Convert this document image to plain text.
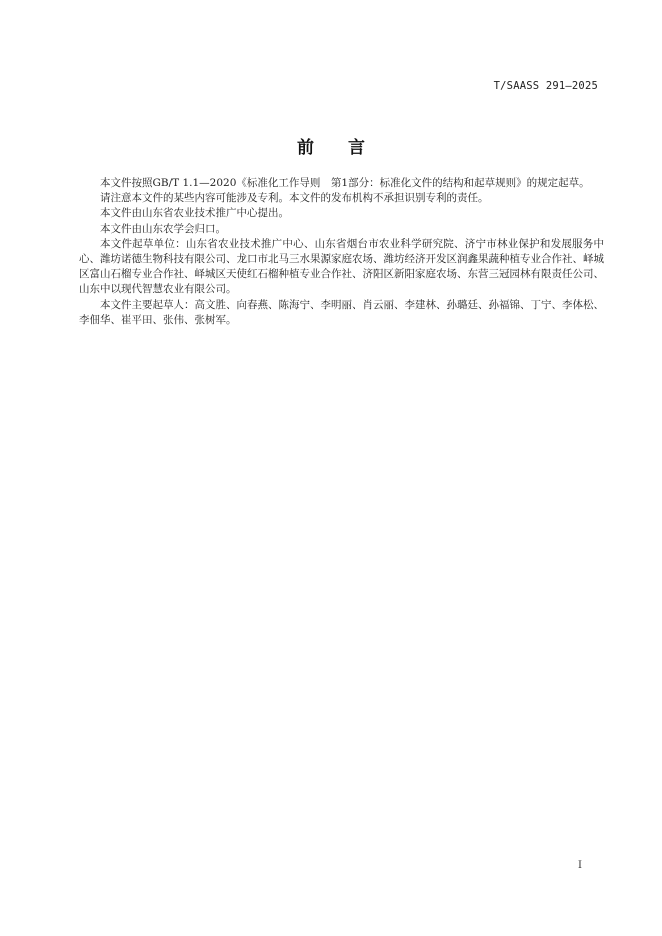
T/SAASS 291—2025
前言

本文件按照GB/T 1.1—2020《标准化工作导则　第1部分：标准化文件的结构和起草规则》的规定起草。

请注意本文件的某些内容可能涉及专利。本文件的发布机构不承担识别专利的责任。

本文件由山东省农业技术推广中心提出。

本文件由山东农学会归口。

本文件起草单位：山东省农业技术推广中心、山东省烟台市农业科学研究院、济宁市林业保护和发展服务中心、潍坊诺德生物科技有限公司、龙口市北马三水果源家庭农场、潍坊经济开发区润鑫果蔬种植专业合作社、峄城区富山石榴专业合作社、峄城区天使红石榴种植专业合作社、济阳区新阳家庭农场、东营三冠园林有限责任公司、山东中以现代智慧农业有限公司。

本文件主要起草人：高文胜、向春燕、陈海宁、李明丽、肖云丽、李建林、孙璐廷、孙福锦、丁宁、李体松、李佃华、崔平田、张伟、张树军。

I
